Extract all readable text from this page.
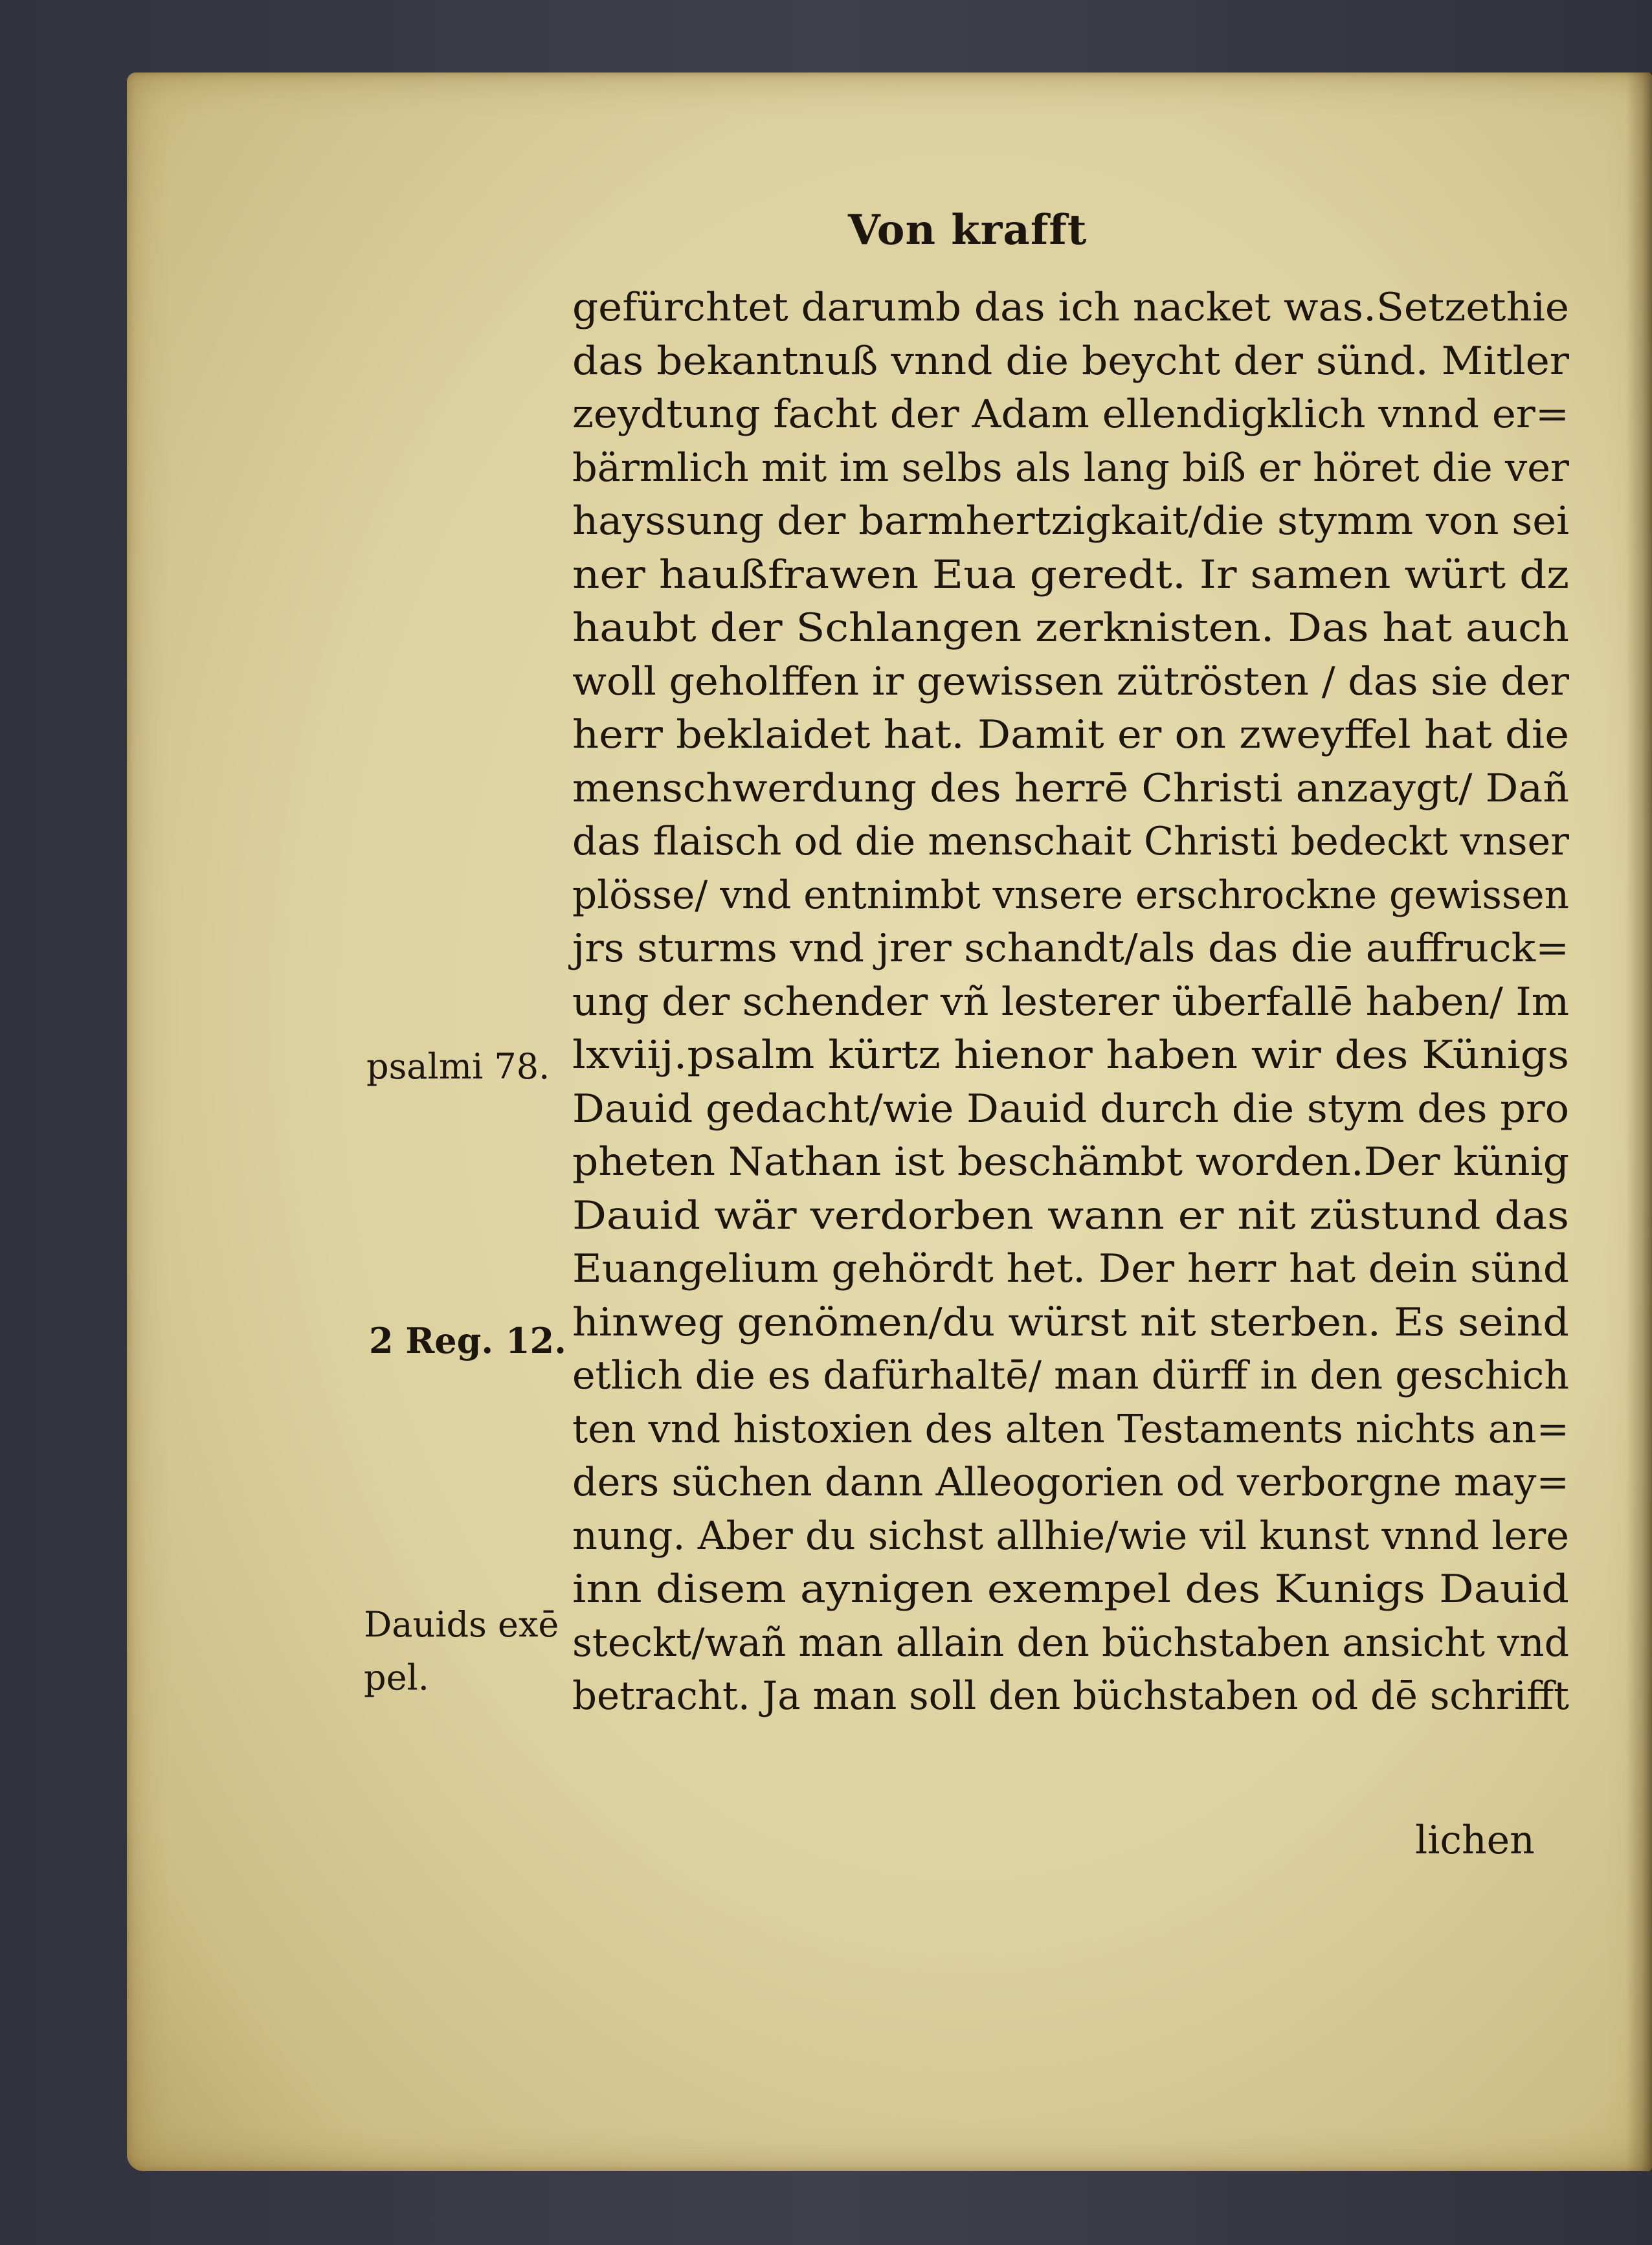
Von krafft
gefürchtet darumb das ich nacket was.Setzethie
das bekantnuß vnnd die beycht der sünd. Mitler
zeydtung facht der Adam ellendigklich vnnd er=
bärmlich mit im selbs als lang biß er höret die ver
hayssung der barmhertzigkait/die stymm von sei
ner haußfrawen Eua geredt. Ir samen würt dz
haubt der Schlangen zerknisten. Das hat auch
woll geholffen ir gewissen zütrösten / das sie der
herr beklaidet hat. Damit er on zweyffel hat die
menschwerdung des herrē Christi anzaygt/ Dañ
das flaisch od die menschait Christi bedeckt vnser
plösse/ vnd entnimbt vnsere erschrockne gewissen
jrs sturms vnd jrer schandt/als das die auffruck=
ung der schender vñ lesterer überfallē haben/ Im
lxviij.psalm kürtz hienor haben wir des Künigs
Dauid gedacht/wie Dauid durch die stym des pro
pheten Nathan ist beschämbt worden.Der künig
Dauid wär verdorben wann er nit züstund das
Euangelium gehördt het. Der herr hat dein sünd
hinweg genömen/du würst nit sterben. Es seind
etlich die es dafürhaltē/ man dürff in den geschich
ten vnd histoxien des alten Testaments nichts an=
ders süchen dann Alleogorien od verborgne may=
nung. Aber du sichst allhie/wie vil kunst vnnd lere
inn disem aynigen exempel des Kunigs Dauid
steckt/wañ man allain den büchstaben ansicht vnd
betracht. Ja man soll den büchstaben od dē schrifft
lichen
psalmi 78.
2 Reg. 12.
Dauids exē
pel.
